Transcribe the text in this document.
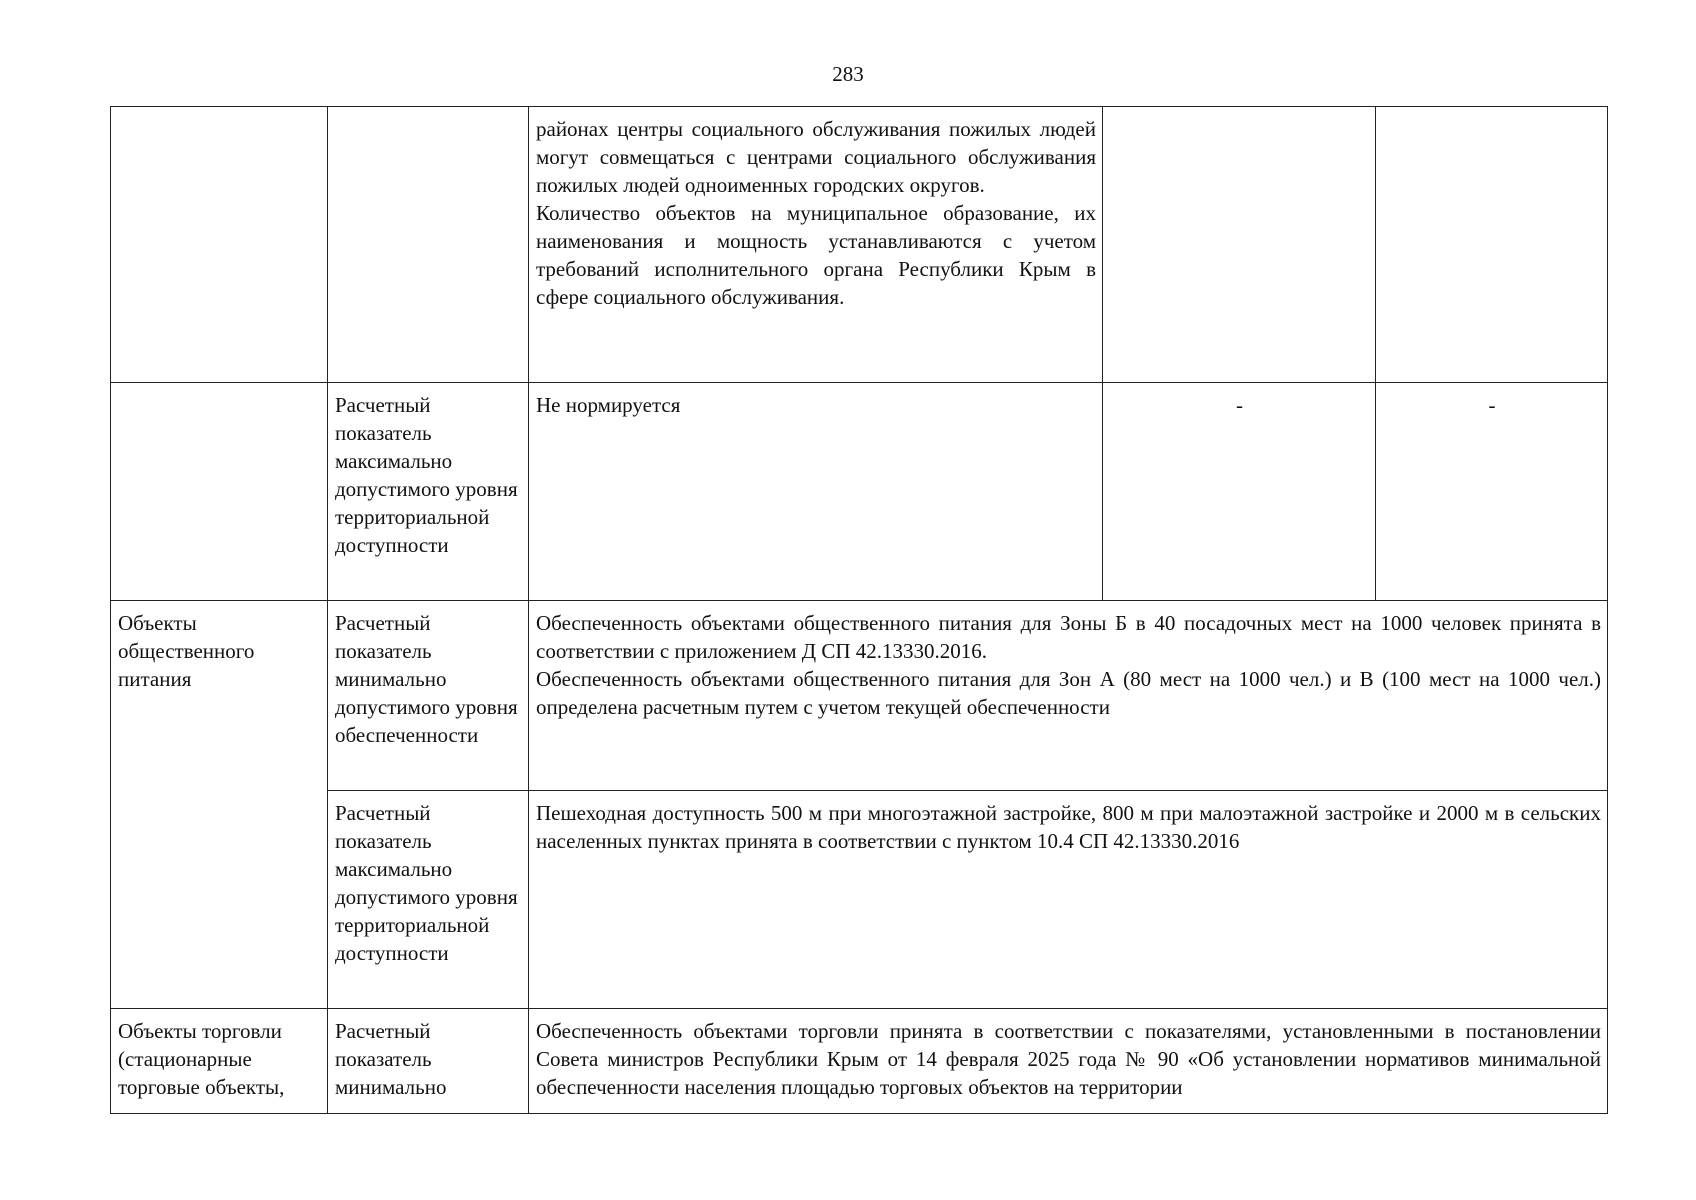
283

		районах центры социального обслуживания пожилых людей могут совмещаться с центрами социального обслуживания пожилых людей одноименных городских округов.

Количество объектов на муниципальное образование, их наименования и мощность устанавливаются с учетом требований исполнительного органа Республики Крым в сфере социального обслуживания.		

	Расчетный показатель максимально допустимого уровня территориальной доступности	Не нормируется	-	-
Объекты общественного питания	Расчетный показатель минимально допустимого уровня обеспеченности	Обеспеченность объектами общественного питания для Зоны Б в 40 посадочных мест на 1000 человек принята в соответствии с приложением Д СП 42.13330.2016.

Обеспеченность объектами общественного питания для Зон А (80 мест на 1000 чел.) и В (100 мест на 1000 чел.) определена расчетным путем с учетом текущей обеспеченности		

	Расчетный показатель максимально допустимого уровня территориальной доступности	Пешеходная доступность 500 м при многоэтажной застройке, 800 м при малоэтажной застройке и 2000 м в сельских населенных пунктах принята в соответствии с пунктом 10.4 СП 42.13330.2016		
Объекты торговли (стационарные торговые объекты,	Расчетный показатель минимально	Обеспеченность объектами торговли принята в соответствии с показателями, установленными в постановлении Совета министров Республики Крым от 14 февраля 2025 года № 90 «Об установлении нормативов минимальной обеспеченности населения площадью торговых объектов на территории		
